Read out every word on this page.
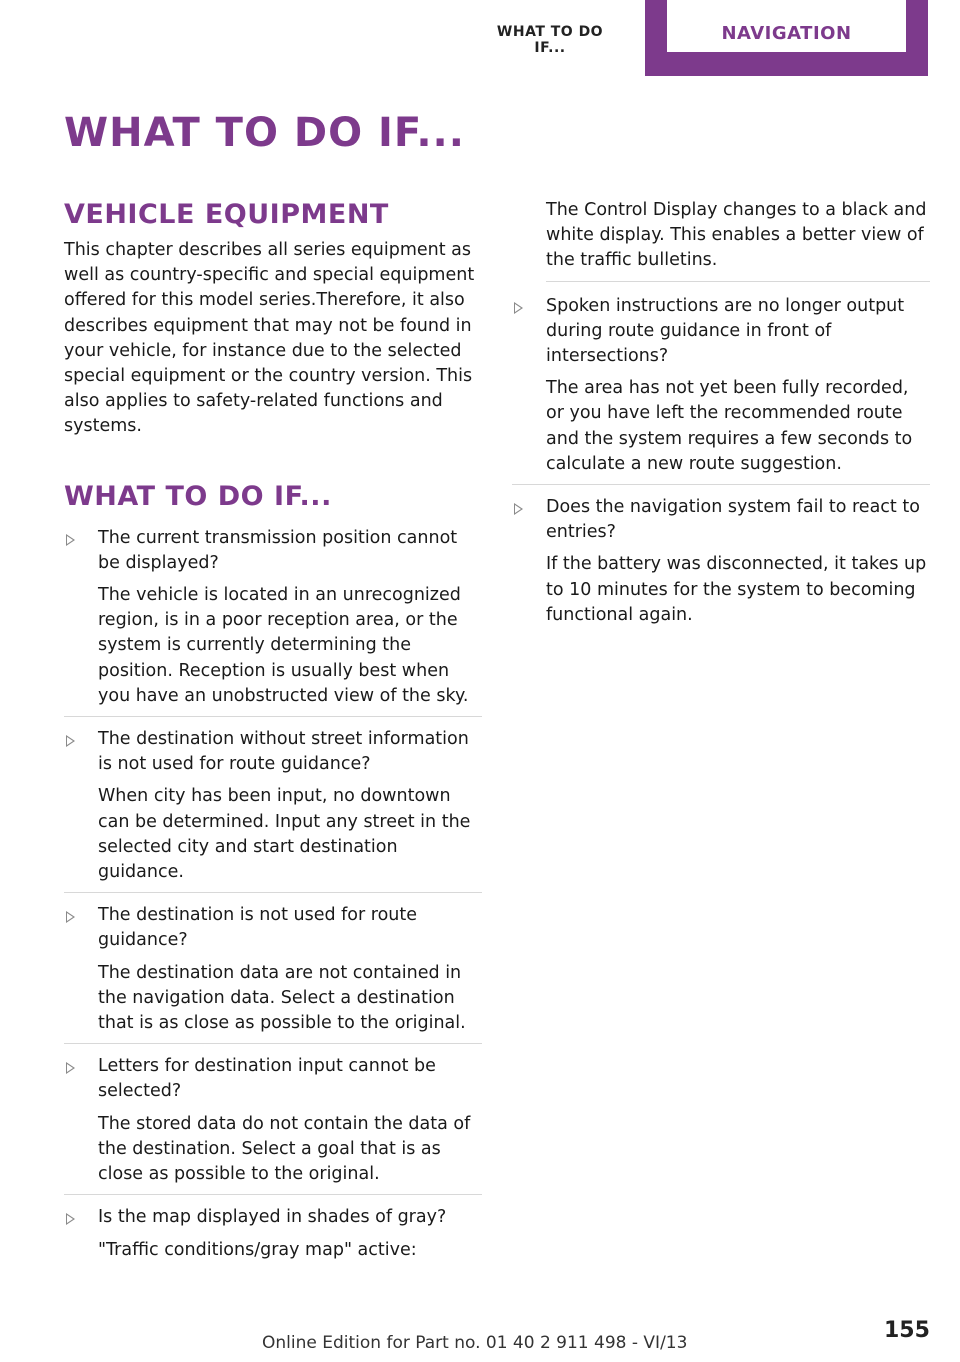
WHAT TO DO IF...
NAVIGATION
WHAT TO DO IF...
VEHICLE EQUIPMENT

This chapter describes all series equipment as well as country-specific and special equipment offered for this model series.Therefore, it also describes equipment that may not be found in your vehicle, for instance due to the selected special equipment or the country version. This also applies to safety-related functions and systems.

WHAT TO DO IF...

The current transmission position cannot be displayed?

The vehicle is located in an unrecognized region, is in a poor reception area, or the system is currently determining the position. Reception is usually best when you have an unobstructed view of the sky.

The destination without street information is not used for route guidance?

When city has been input, no downtown can be determined. Input any street in the selected city and start destination guidance.

The destination is not used for route guidance?

The destination data are not contained in the navigation data. Select a destination that is as close as possible to the original.

Letters for destination input cannot be selected?

The stored data do not contain the data of the destination. Select a goal that is as close as possible to the original.

Is the map displayed in shades of gray?

"Traffic conditions/gray map" active:

The Control Display changes to a black and white display. This enables a better view of the traffic bulletins.

Spoken instructions are no longer output during route guidance in front of intersections?

The area has not yet been fully recorded, or you have left the recommended route and the system requires a few seconds to calculate a new route suggestion.

Does the navigation system fail to react to entries?

If the battery was disconnected, it takes up to 10 minutes for the system to becoming functional again.

Online Edition for Part no. 01 40 2 911 498 - VI/13	155
